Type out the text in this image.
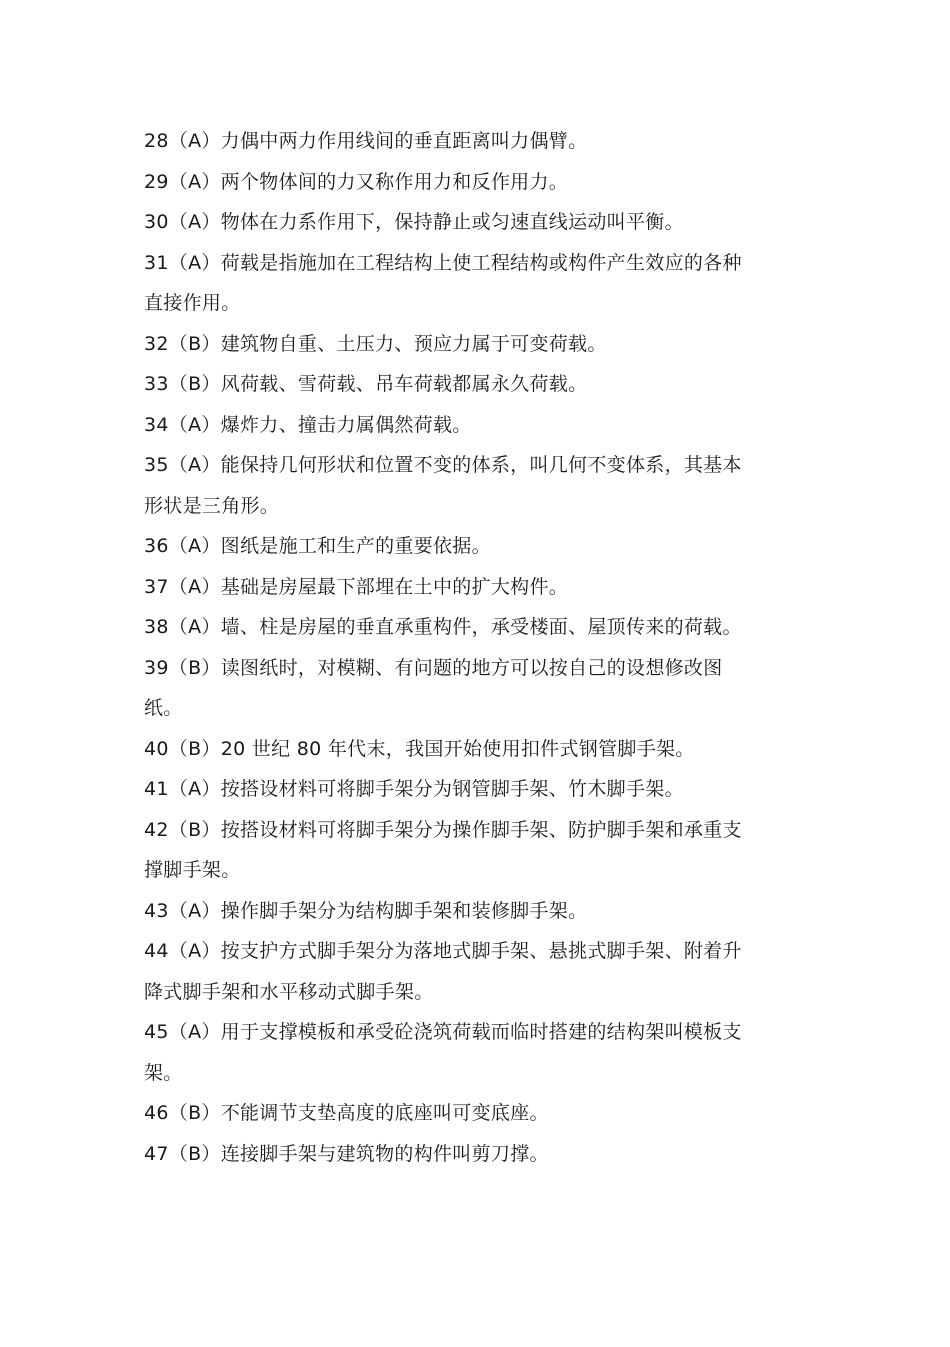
28（A）力偶中两力作用线间的垂直距离叫力偶臂。
29（A）两个物体间的力又称作用力和反作用力。
30（A）物体在力系作用下，保持静止或匀速直线运动叫平衡。
31（A）荷载是指施加在工程结构上使工程结构或构件产生效应的各种直接作用。
32（B）建筑物自重、土压力、预应力属于可变荷载。
33（B）风荷载、雪荷载、吊车荷载都属永久荷载。
34（A）爆炸力、撞击力属偶然荷载。
35（A）能保持几何形状和位置不变的体系，叫几何不变体系，其基本形状是三角形。
36（A）图纸是施工和生产的重要依据。
37（A）基础是房屋最下部埋在土中的扩大构件。
38（A）墙、柱是房屋的垂直承重构件，承受楼面、屋顶传来的荷载。
39（B）读图纸时，对模糊、有问题的地方可以按自己的设想修改图纸。
40（B）20 世纪 80 年代末，我国开始使用扣件式钢管脚手架。
41（A）按搭设材料可将脚手架分为钢管脚手架、竹木脚手架。
42（B）按搭设材料可将脚手架分为操作脚手架、防护脚手架和承重支撑脚手架。
43（A）操作脚手架分为结构脚手架和装修脚手架。
44（A）按支护方式脚手架分为落地式脚手架、悬挑式脚手架、附着升降式脚手架和水平移动式脚手架。
45（A）用于支撑模板和承受砼浇筑荷载而临时搭建的结构架叫模板支架。
46（B）不能调节支垫高度的底座叫可变底座。
47（B）连接脚手架与建筑物的构件叫剪刀撑。
